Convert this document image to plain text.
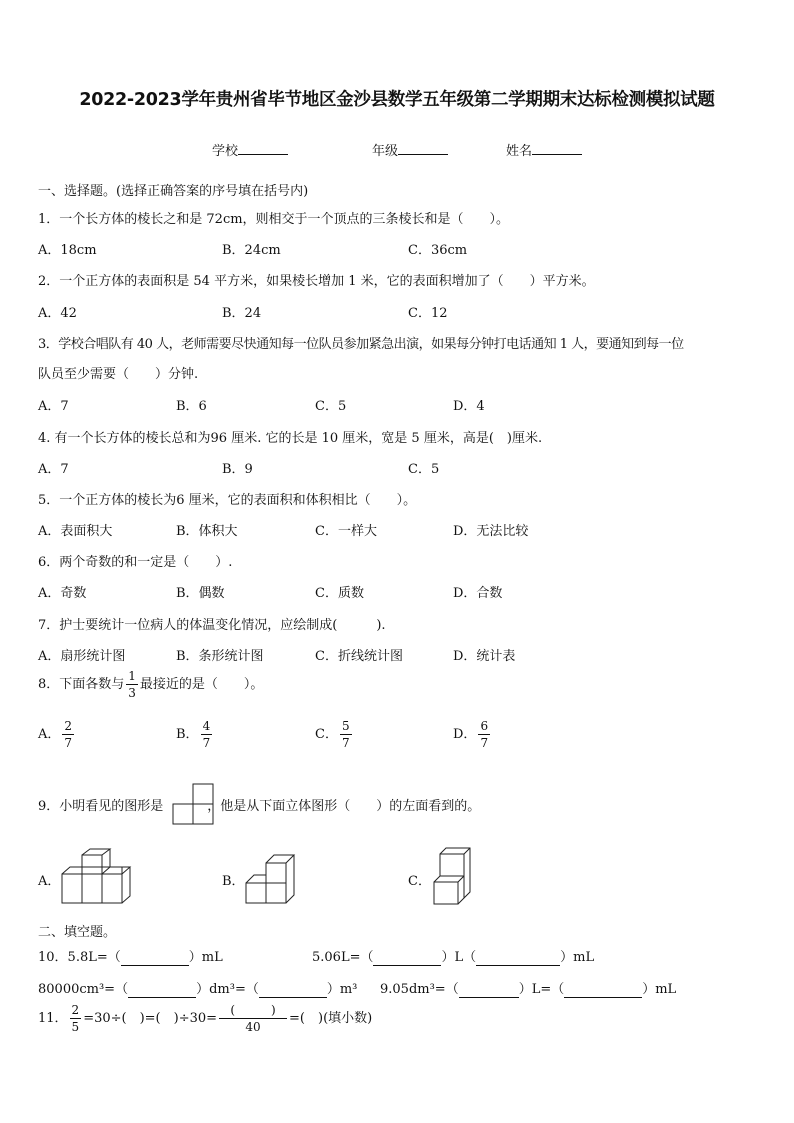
2022-2023学年贵州省毕节地区金沙县数学五年级第二学期期末达标检测模拟试题
学校	年级	姓名
一、选择题。(选择正确答案的序号填在括号内)
1．一个长方体的棱长之和是 72cm，则相交于一个顶点的三条棱长和是（　　）。
A．18cm	B．24cm	C．36cm
2．一个正方体的表面积是 54 平方米，如果棱长增加 1 米，它的表面积增加了（　　）平方米。
A．42	B．24	C．12
3．学校合唱队有 40 人，老师需要尽快通知每一位队员参加紧急出演，如果每分钟打电话通知 1 人，要通知到每一位
队员至少需要（　　）分钟.
A．7	B．6	C．5	D．4
4. 有一个长方体的棱长总和为96 厘米. 它的长是 10 厘米，宽是 5 厘米，高是(　)厘米.
A．7	B．9	C．5
5．一个正方体的棱长为6 厘米，它的表面积和体积相比（　　）。
A．表面积大	B．体积大	C．一样大	D．无法比较
6．两个奇数的和一定是（　　）.
A．奇数	B．偶数	C．质数	D．合数
7．护士要统计一位病人的体温变化情况，应绘制成(　　　).
A．扇形统计图	B．条形统计图	C．折线统计图	D．统计表
8．下面各数与 $\frac{1}{3}$ 最接近的是（　　）。
A． $\frac{2}{7}$	B． $\frac{4}{7}$	C． $\frac{5}{7}$	D． $\frac{6}{7}$
9．小明看见的图形是	，他是从下面立体图形（　　）的左面看到的。
A．	B．	C．
二、填空题。
10．5.8L=（	）mL	5.06L=（	）L（	）mL
80000cm³=（	）dm³=（	）m³ 9.05dm³=（	）L=（	）mL
11． $\frac{2}{5} =30\div$(　)=(　)$\div 30= \frac{( )}{40}$ =(　)(填小数)
